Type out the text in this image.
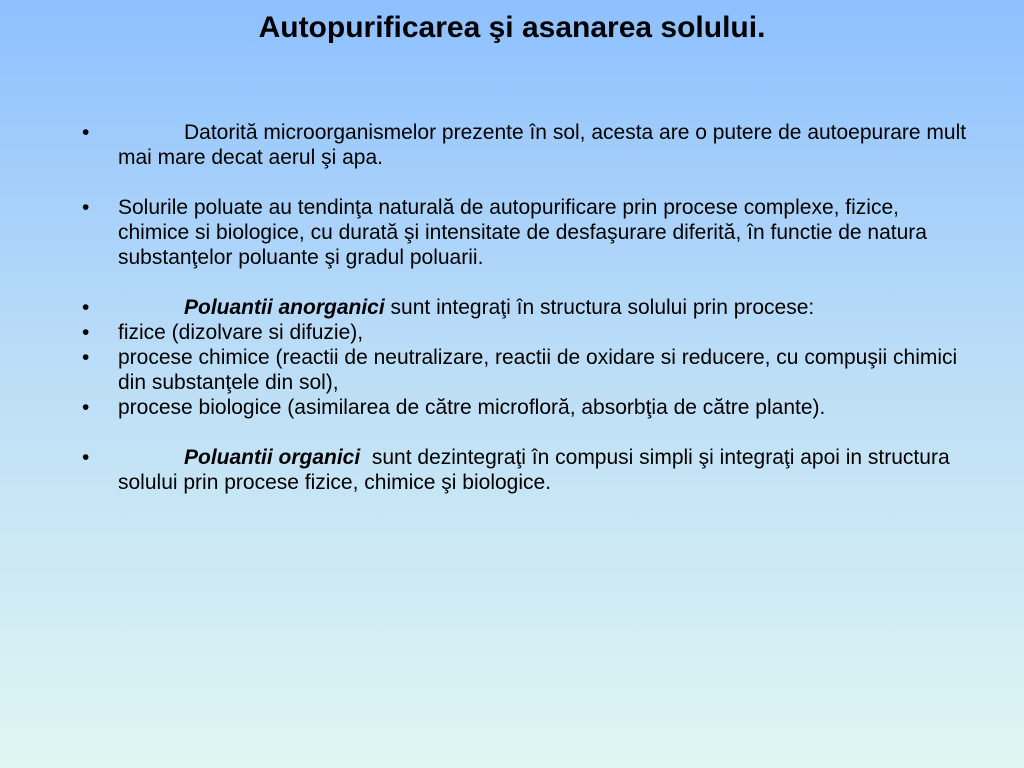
Autopurificarea şi asanarea solului.
•	Datorită microorganismelor prezente în sol, acesta are o putere de autoepurare mult mai mare decat aerul şi apa.
• Solurile poluate au tendinţa naturală de autopurificare prin procese complexe, fizice, chimice si biologice, cu durată şi intensitate de desfaşurare diferită, în functie de natura substanţelor poluante şi gradul poluarii.
•	Poluantii anorganici sunt integraţi în structura solului prin procese:
• fizice (dizolvare si difuzie),
• procese chimice (reactii de neutralizare, reactii de oxidare si reducere, cu compuşii chimici din substanţele din sol),
• procese biologice (asimilarea de către microfloră, absorbţia de către plante).
•	Poluantii organici  sunt dezintegraţi în compusi simpli şi integraţi apoi in structura solului prin procese fizice, chimice şi biologice.
